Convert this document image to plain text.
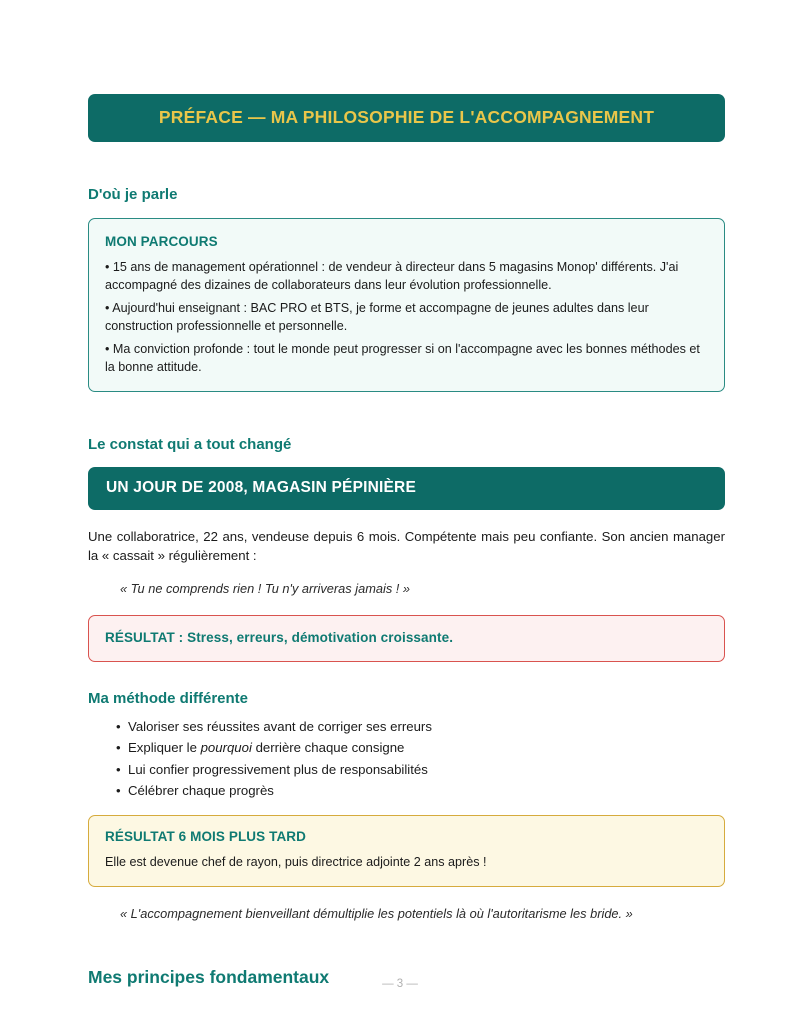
PRÉFACE — MA PHILOSOPHIE DE L'ACCOMPAGNEMENT
D'où je parle
MON PARCOURS

• 15 ans de management opérationnel : de vendeur à directeur dans 5 magasins Monop' différents. J'ai accompagné des dizaines de collaborateurs dans leur évolution professionnelle.

• Aujourd'hui enseignant : BAC PRO et BTS, je forme et accompagne de jeunes adultes dans leur construction professionnelle et personnelle.

• Ma conviction profonde : tout le monde peut progresser si on l'accompagne avec les bonnes méthodes et la bonne attitude.

Le constat qui a tout changé
UN JOUR DE 2008, MAGASIN PÉPINIÈRE

Une collaboratrice, 22 ans, vendeuse depuis 6 mois. Compétente mais peu confiante. Son ancien manager la « cassait » régulièrement :

« Tu ne comprends rien ! Tu n'y arriveras jamais ! »

RÉSULTAT : Stress, erreurs, démotivation croissante.
Ma méthode différente
• Valoriser ses réussites avant de corriger ses erreurs
• Expliquer le pourquoi derrière chaque consigne
• Lui confier progressivement plus de responsabilités
• Célébrer chaque progrès
RÉSULTAT 6 MOIS PLUS TARD

Elle est devenue chef de rayon, puis directrice adjointe 2 ans après !

« L'accompagnement bienveillant démultiplie les potentiels là où l'autoritarisme les bride. »

Mes principes fondamentaux	— 3 —
